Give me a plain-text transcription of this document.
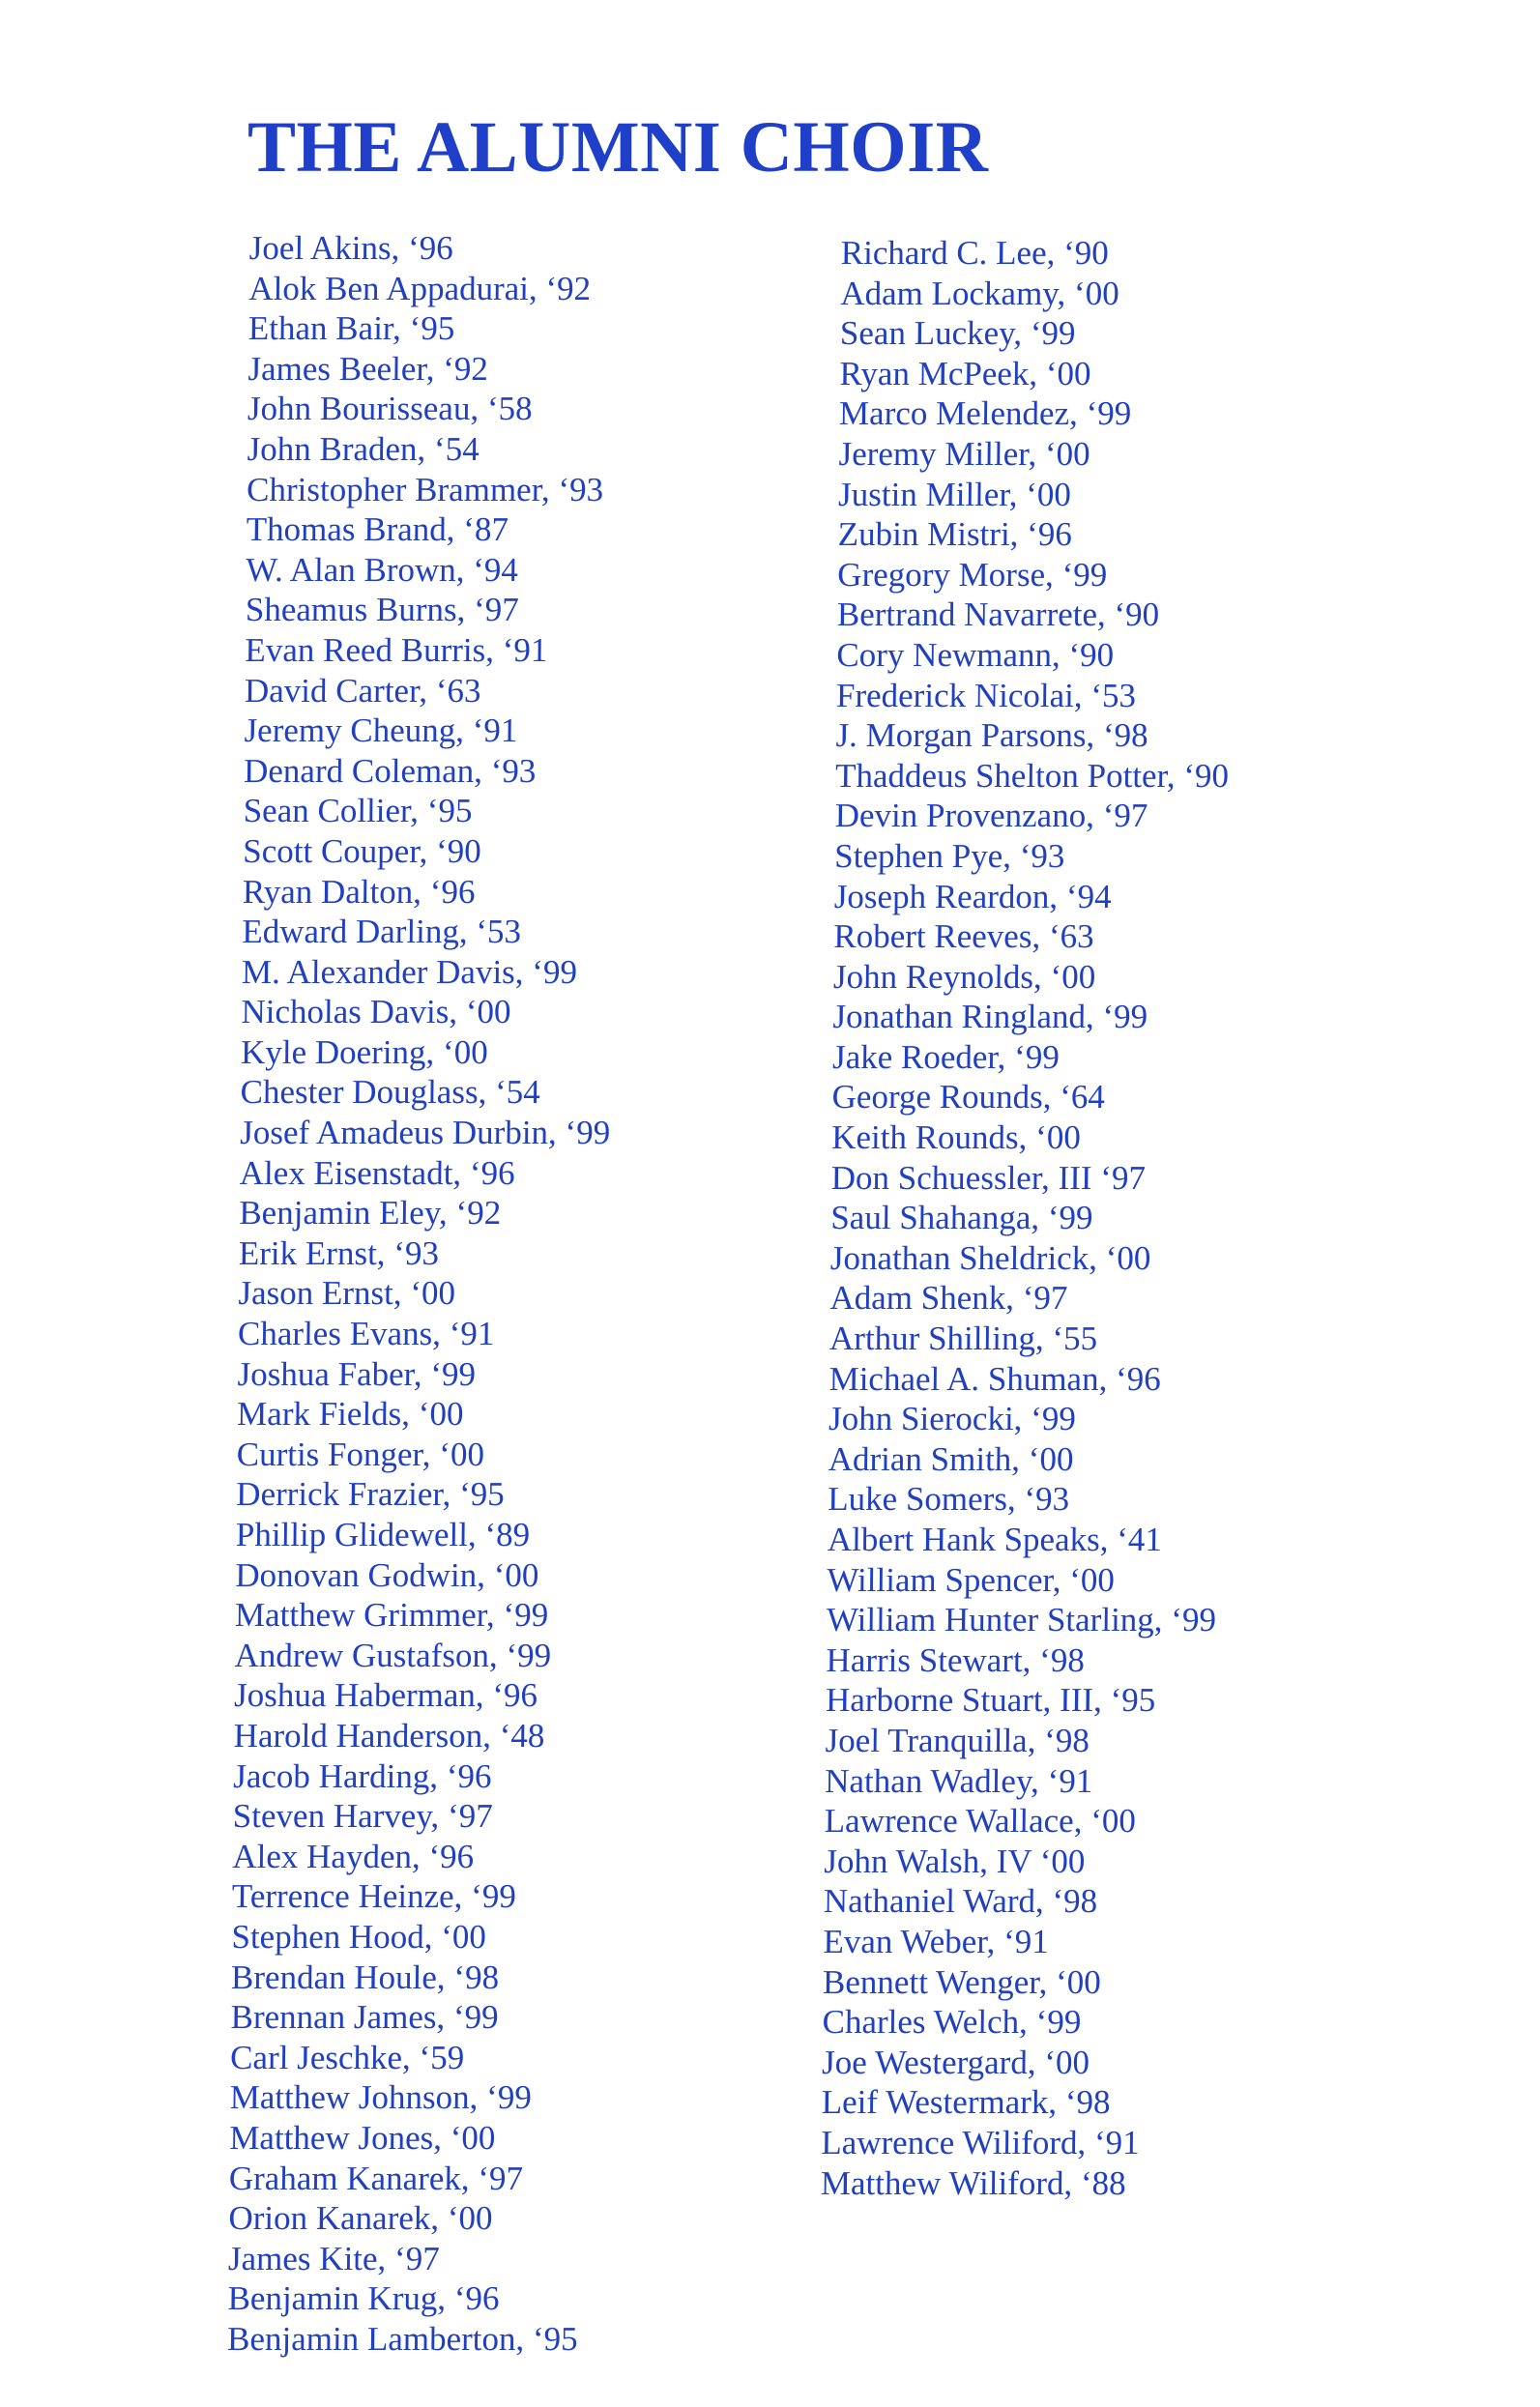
THE ALUMNI CHOIR
Joel Akins, ‘96
Alok Ben Appadurai, ‘92
Ethan Bair, ‘95
James Beeler, ‘92
John Bourisseau, ‘58
John Braden, ‘54
Christopher Brammer, ‘93
Thomas Brand, ‘87
W. Alan Brown, ‘94
Sheamus Burns, ‘97
Evan Reed Burris, ‘91
David Carter, ‘63
Jeremy Cheung, ‘91
Denard Coleman, ‘93
Sean Collier, ‘95
Scott Couper, ‘90
Ryan Dalton, ‘96
Edward Darling, ‘53
M. Alexander Davis, ‘99
Nicholas Davis, ‘00
Kyle Doering, ‘00
Chester Douglass, ‘54
Josef Amadeus Durbin, ‘99
Alex Eisenstadt, ‘96
Benjamin Eley, ‘92
Erik Ernst, ‘93
Jason Ernst, ‘00
Charles Evans, ‘91
Joshua Faber, ‘99
Mark Fields, ‘00
Curtis Fonger, ‘00
Derrick Frazier, ‘95
Phillip Glidewell, ‘89
Donovan Godwin, ‘00
Matthew Grimmer, ‘99
Andrew Gustafson, ‘99
Joshua Haberman, ‘96
Harold Handerson, ‘48
Jacob Harding, ‘96
Steven Harvey, ‘97
Alex Hayden, ‘96
Terrence Heinze, ‘99
Stephen Hood, ‘00
Brendan Houle, ‘98
Brennan James, ‘99
Carl Jeschke, ‘59
Matthew Johnson, ‘99
Matthew Jones, ‘00
Graham Kanarek, ‘97
Orion Kanarek, ‘00
James Kite, ‘97
Benjamin Krug, ‘96
Benjamin Lamberton, ‘95
Richard C. Lee, ‘90
Adam Lockamy, ‘00
Sean Luckey, ‘99
Ryan McPeek, ‘00
Marco Melendez, ‘99
Jeremy Miller, ‘00
Justin Miller, ‘00
Zubin Mistri, ‘96
Gregory Morse, ‘99
Bertrand Navarrete, ‘90
Cory Newmann, ‘90
Frederick Nicolai, ‘53
J. Morgan Parsons, ‘98
Thaddeus Shelton Potter, ‘90
Devin Provenzano, ‘97
Stephen Pye, ‘93
Joseph Reardon, ‘94
Robert Reeves, ‘63
John Reynolds, ‘00
Jonathan Ringland, ‘99
Jake Roeder, ‘99
George Rounds, ‘64
Keith Rounds, ‘00
Don Schuessler, III ‘97
Saul Shahanga, ‘99
Jonathan Sheldrick, ‘00
Adam Shenk, ‘97
Arthur Shilling, ‘55
Michael A. Shuman, ‘96
John Sierocki, ‘99
Adrian Smith, ‘00
Luke Somers, ‘93
Albert Hank Speaks, ‘41
William Spencer, ‘00
William Hunter Starling, ‘99
Harris Stewart, ‘98
Harborne Stuart, III, ‘95
Joel Tranquilla, ‘98
Nathan Wadley, ‘91
Lawrence Wallace, ‘00
John Walsh, IV ‘00
Nathaniel Ward, ‘98
Evan Weber, ‘91
Bennett Wenger, ‘00
Charles Welch, ‘99
Joe Westergard, ‘00
Leif Westermark, ‘98
Lawrence Wiliford, ‘91
Matthew Wiliford, ‘88
